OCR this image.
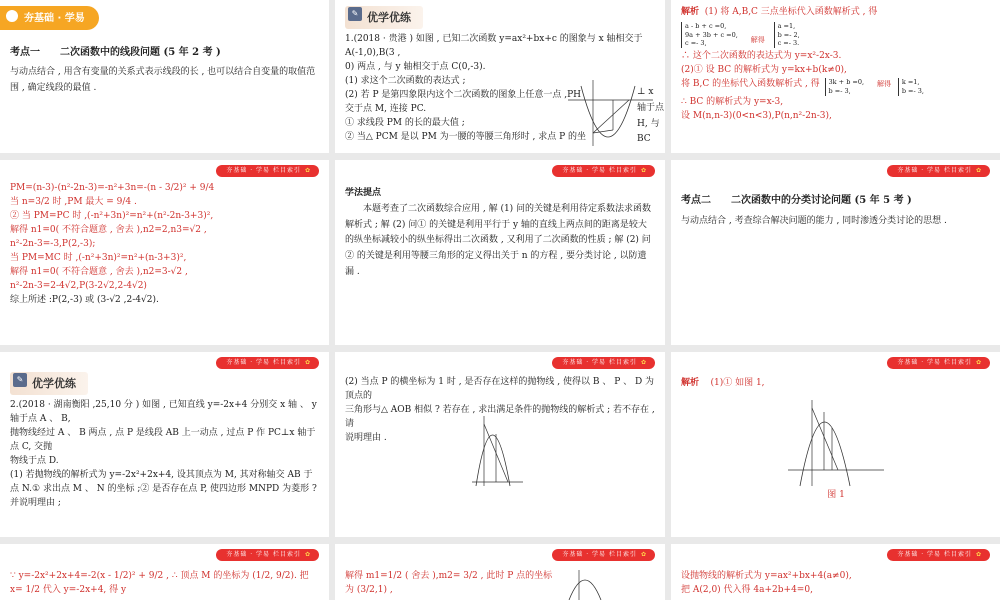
夯基础 · 学易
考点一 二次函数中的线段问题 (5 年 2 考 )

与动点结合 , 用含有变量的关系式表示线段的长 , 也可以结合自变量的取值范围 , 确定线段的最值 .

✎ 优学优练

1.(2018 · 贵港 ) 如图 , 已知二次函数 y=ax²+bx+c 的图象与 x 轴相交于 A(-1,0),B(3 ,

0) 两点 , 与 y 轴相交于点 C(0,-3).

(1) 求这个二次函数的表达式 ;

(2) 若 P 是第四象限内这个二次函数的图象上任意一点 ,PH

交于点 M, 连接 PC.

① 求线段 PM 的长的最大值 ;

② 当△ PCM 是以 PM 为一腰的等腰三角形时 , 求点 P 的坐

⊥ x 轴于点 H, 与 BC

解析 (1) 将 A,B,C 三点坐标代入函数解析式 , 得

a - b + c =0,
9a + 3b + c =0,
c =- 3,	$_{解得}$ a =1,
b =- 2,
c =- 3.

∴ 这个二次函数的表达式为 y=x²-2x-3.

(2)① 设 BC 的解析式为 y=kx+b(k≠0),

将 B,C 的坐标代入函数解析式 , 得 3k + b =0,
b =- 3, 解得 k =1,
b =- 3,

∴ BC 的解析式为 y=x-3,

设 M(n,n-3)(0<n<3),P(n,n²-2n-3),

夯基础 · 学易 栏目索引 ✿

PM=(n-3)-(n²-2n-3)=-n²+3n=-(n - 3/2)² + 9/4

当 n=3/2 时 ,PM 最大 = 9/4 .

② 当 PM=PC 时 ,(-n²+3n)²=n²+(n²-2n-3+3)²,

解得 n1=0( 不符合题意 , 舍去 ),n2=2,n3=√2 ,

n²-2n-3=-3,P(2,-3);

当 PM=MC 时 ,(-n²+3n)²=n²+(n-3+3)²,

解得 n1=0( 不符合题意 , 舍去 ),n2=3-√2 ,

n²-2n-3=2-4√2,P(3-2√2,2-4√2)

综上所述 :P(2,-3) 或 (3-√2 ,2-4√2).

夯基础 · 学易 栏目索引 ✿

学法提点

本题考查了二次函数综合应用 , 解 (1) 问的关键是利用待定系数法求函数解析式 ; 解 (2) 问① 的关键是利用平行于 y 轴的直线上两点间的距离是较大的纵坐标减较小的纵坐标得出二次函数 , 又利用了二次函数的性质 ; 解 (2) 问② 的关键是利用等腰三角形的定义得出关于 n 的方程 , 要分类讨论 , 以防遗漏 .

夯基础 · 学易 栏目索引 ✿
考点二 二次函数中的分类讨论问题 (5 年 5 考 )

与动点结合 , 考查综合解决问题的能力 , 同时渗透分类讨论的思想 .

夯基础 · 学易 栏目索引 ✿
✎ 优学优练

2.(2018 · 湖南衡阳 ,25,10 分 ) 如图 , 已知直线 y=-2x+4 分别交 x 轴 、 y 轴于点 A 、 B,

抛物线经过 A 、 B 两点 , 点 P 是线段 AB 上一动点 , 过点 P 作 PC⊥x 轴于点 C, 交抛

物线于点 D.

(1) 若抛物线的解析式为 y=-2x²+2x+4, 设其顶点为 M, 其对称轴交 AB 于点 N.① 求出点 M 、 N 的坐标 ;② 是否存在点 P, 使四边形 MNPD 为菱形 ? 并说明理由 ;

夯基础 · 学易 栏目索引 ✿

(2) 当点 P 的横坐标为 1 时 , 是否存在这样的抛物线 , 使得以 B 、 P 、 D 为顶点的

三角形与△ AOB 相似 ? 若存在 , 求出满足条件的抛物线的解析式 ; 若不存在 , 请

说明理由 .

夯基础 · 学易 栏目索引 ✿

解析 (1)① 如图 1,

图 1
夯基础 · 学易 栏目索引 ✿

∵ y=-2x²+2x+4=-2(x - 1/2)² + 9/2 , ∴ 顶点 M 的坐标为 (1/2, 9/2). 把 x= 1/2 代入 y=-2x+4, 得 y

夯基础 · 学易 栏目索引 ✿

解得 m1=1/2 ( 舍去 ),m2= 3/2 , 此时 P 点的坐标为 (3/2,1) ,

夯基础 · 学易 栏目索引 ✿

设抛物线的解析式为 y=ax²+bx+4(a≠0),

把 A(2,0) 代入得 4a+2b+4=0,
